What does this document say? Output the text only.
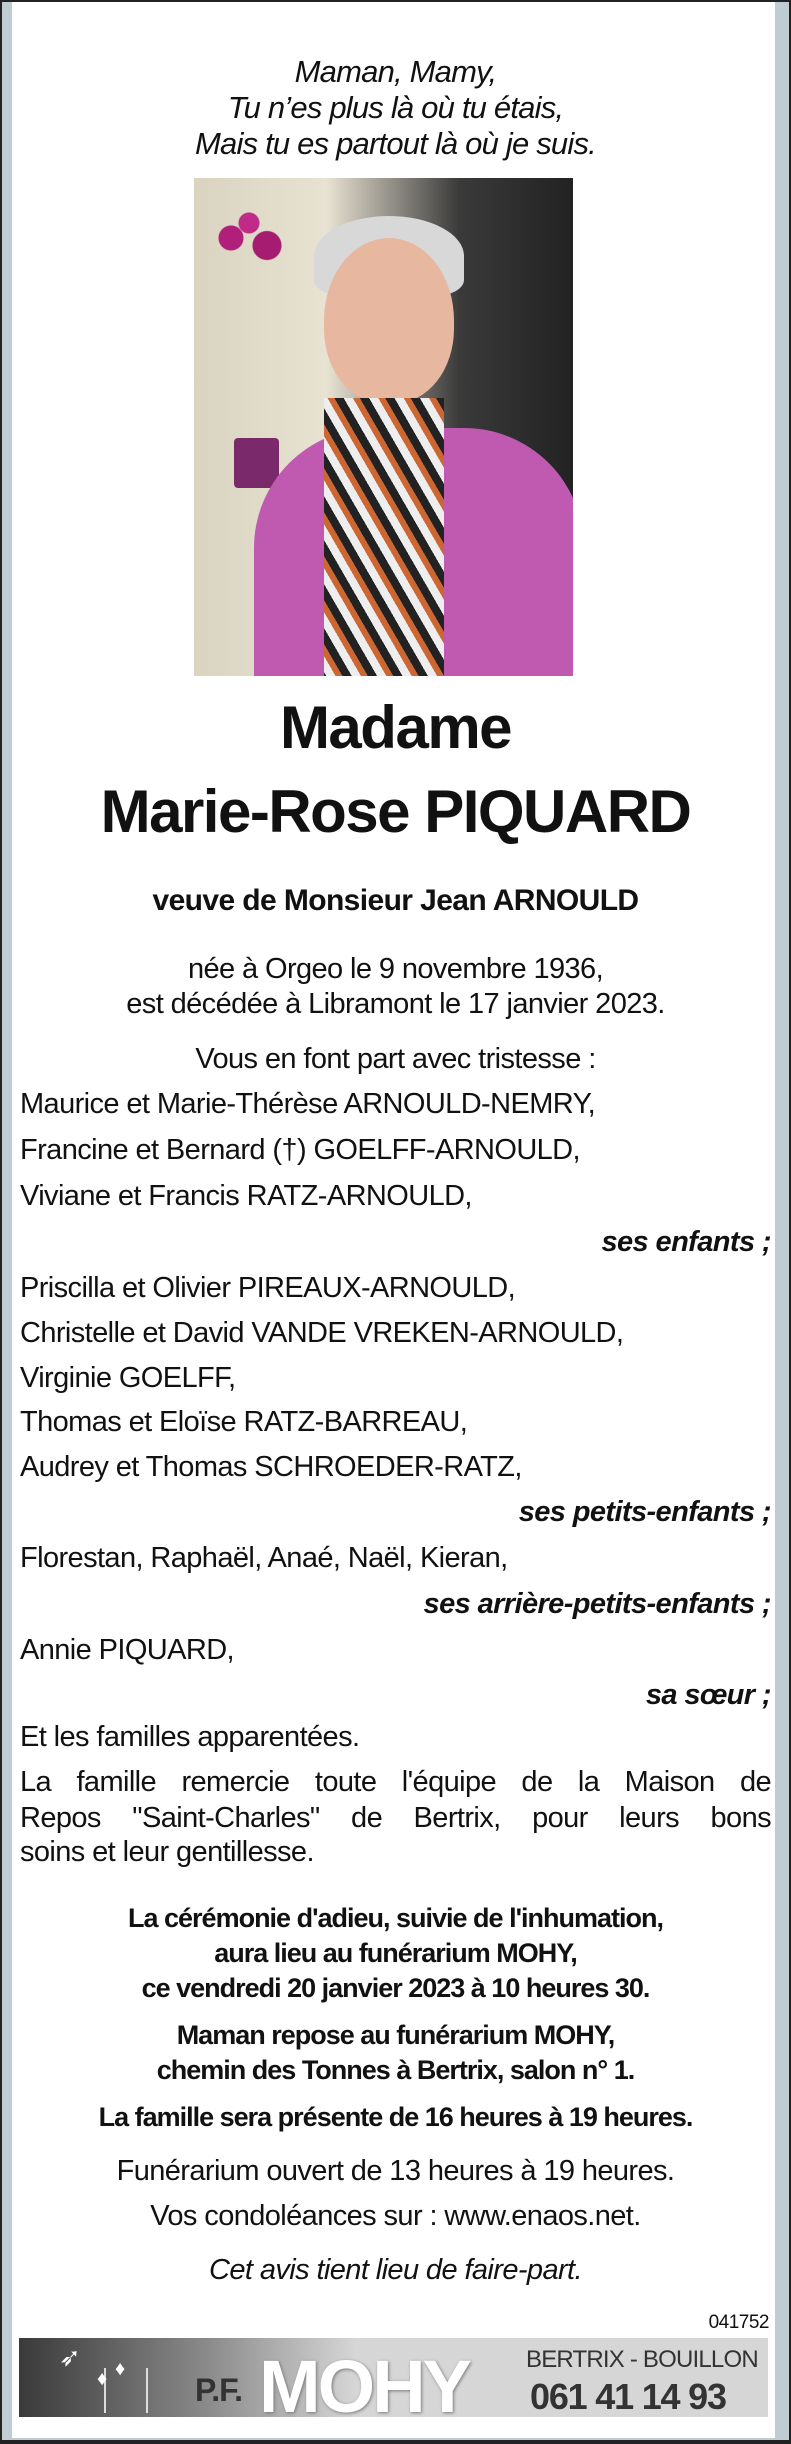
Maman, Mamy,
Tu n’es plus là où tu étais,
Mais tu es partout là où je suis.
Madame
Marie-Rose PIQUARD
veuve de Monsieur Jean ARNOULD
née à Orgeo le 9 novembre 1936,
est décédée à Libramont le 17 janvier 2023.
Vous en font part avec tristesse :
Maurice et Marie-Thérèse ARNOULD-NEMRY,
Francine et Bernard (†) GOELFF-ARNOULD,
Viviane et Francis RATZ-ARNOULD,
ses enfants ;
Priscilla et Olivier PIREAUX-ARNOULD,
Christelle et David VANDE VREKEN-ARNOULD,
Virginie GOELFF,
Thomas et Eloïse RATZ-BARREAU,
Audrey et Thomas SCHROEDER-RATZ,
ses petits-enfants ;
Florestan, Raphaël, Anaé, Naël, Kieran,
ses arrière-petits-enfants ;
Annie PIQUARD,
sa sœur ;
Et les familles apparentées.
La famille remercie toute l'équipe de la Maison de
Repos "Saint-Charles" de Bertrix, pour leurs bons
soins et leur gentillesse.
La cérémonie d'adieu, suivie de l'inhumation,
aura lieu au funérarium MOHY,
ce vendredi 20 janvier 2023 à 10 heures 30.
Maman repose au funérarium MOHY,
chemin des Tonnes à Bertrix, salon n° 1.
La famille sera présente de 16 heures à 19 heures.
Funérarium ouvert de 13 heures à 19 heures.
Vos condoléances sur : www.enaos.net.
Cet avis tient lieu de faire-part.
041752
➶
♦ ♦
P.F. MOHY BERTRIX - BOUILLON
061 41 14 93
